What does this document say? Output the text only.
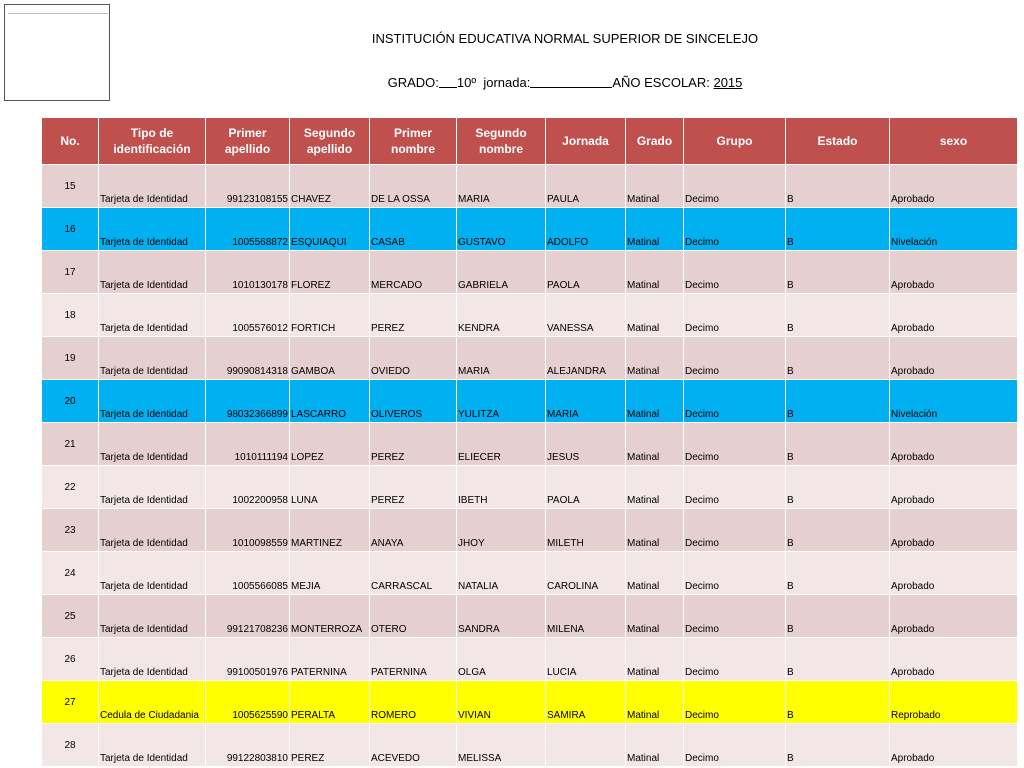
INSTITUCIÓN EDUCATIVA NORMAL SUPERIOR DE SINCELEJO
GRADO: 10º jornada:	AÑO ESCOLAR: 2015
No.	Tipo de identificación	Primer apellido	Segundo apellido	Primer nombre	Segundo nombre	Jornada	Grado	Grupo	Estado	sexo
15	Tarjeta de Identidad	99123108155	CHAVEZ	DE LA OSSA	MARIA	PAULA	Matinal	Decimo	B	Aprobado
16	Tarjeta de Identidad	1005568872	ESQUIAQUI	CASAB	GUSTAVO	ADOLFO	Matinal	Decimo	B	Nivelación
17	Tarjeta de Identidad	1010130178	FLOREZ	MERCADO	GABRIELA	PAOLA	Matinal	Decimo	B	Aprobado
18	Tarjeta de Identidad	1005576012	FORTICH	PEREZ	KENDRA	VANESSA	Matinal	Decimo	B	Aprobado
19	Tarjeta de Identidad	99090814318	GAMBOA	OVIEDO	MARIA	ALEJANDRA	Matinal	Decimo	B	Aprobado
20	Tarjeta de Identidad	98032366899	LASCARRO	OLIVEROS	YULITZA	MARIA	Matinal	Decimo	B	Nivelación
21	Tarjeta de Identidad	1010111194	LOPEZ	PEREZ	ELIECER	JESUS	Matinal	Decimo	B	Aprobado
22	Tarjeta de Identidad	1002200958	LUNA	PEREZ	IBETH	PAOLA	Matinal	Decimo	B	Aprobado
23	Tarjeta de Identidad	1010098559	MARTINEZ	ANAYA	JHOY	MILETH	Matinal	Decimo	B	Aprobado
24	Tarjeta de Identidad	1005566085	MEJIA	CARRASCAL	NATALIA	CAROLINA	Matinal	Decimo	B	Aprobado
25	Tarjeta de Identidad	99121708236	MONTERROZA	OTERO	SANDRA	MILENA	Matinal	Decimo	B	Aprobado
26	Tarjeta de Identidad	99100501976	PATERNINA	PATERNINA	OLGA	LUCIA	Matinal	Decimo	B	Aprobado
27	Cedula de Ciudadania	1005625590	PERALTA	ROMERO	VIVIAN	SAMIRA	Matinal	Decimo	B	Reprobado
28	Tarjeta de Identidad	99122803810	PEREZ	ACEVEDO	MELISSA		Matinal	Decimo	B	Aprobado
